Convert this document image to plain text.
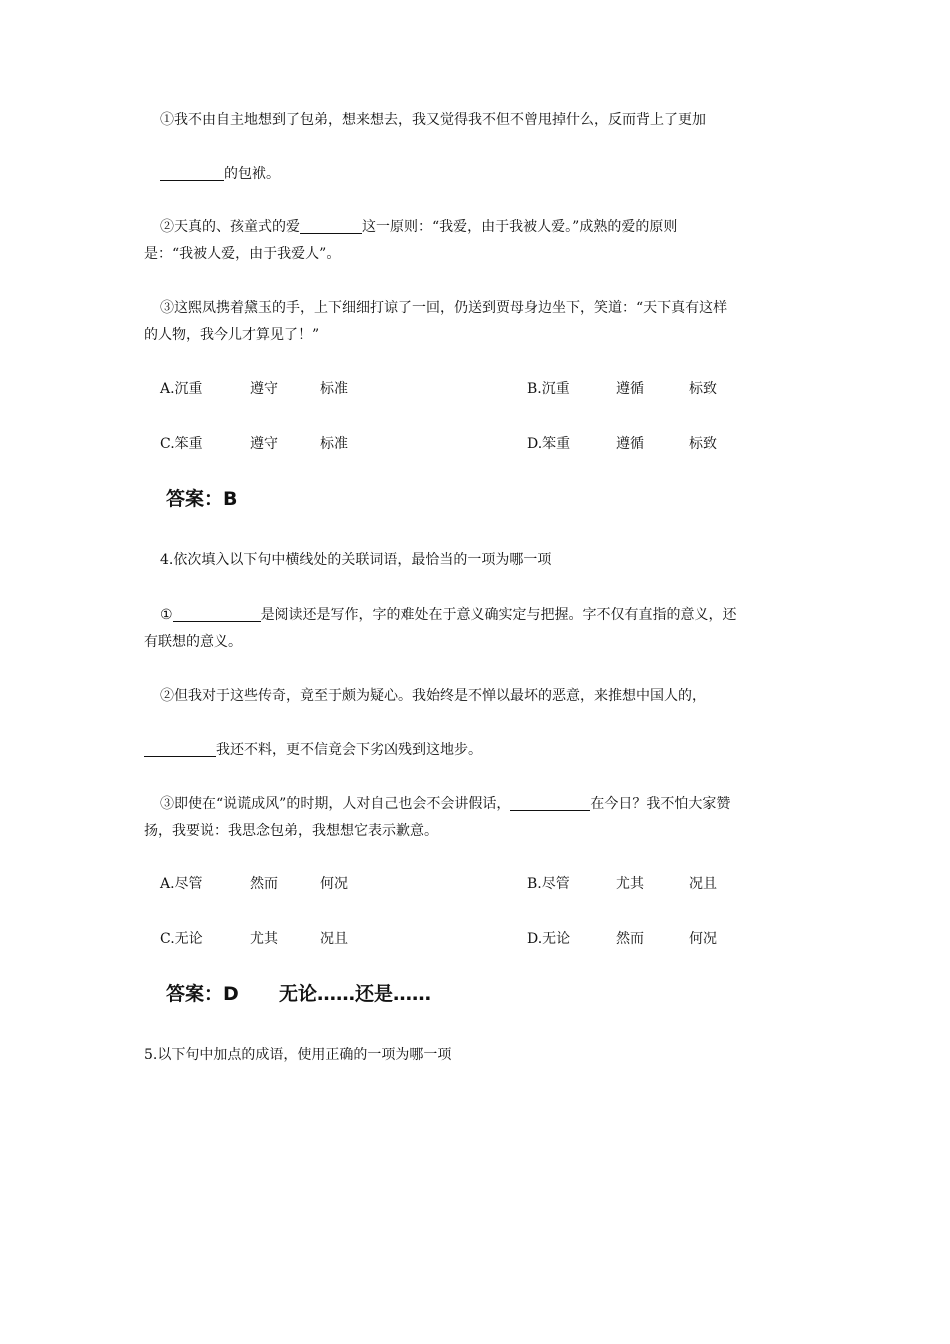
①我不由自主地想到了包弟，想来想去，我又觉得我不但不曾甩掉什么，反而背上了更加
的包袱。
②天真的、孩童式的爱	这一原则：“我爱，由于我被人爱。”成熟的爱的原则
是：“我被人爱，由于我爱人”。
③这熙凤携着黛玉的手，上下细细打谅了一回，仍送到贾母身边坐下，笑道：“天下真有这样
的人物，我今儿才算见了！”
A.沉重	遵守	标准	B.沉重	遵循	标致
C.笨重	遵守	标准	D.笨重	遵循	标致
答案：B
4.依次填入以下句中横线处的关联词语，最恰当的一项为哪一项
①	是阅读还是写作，字的难处在于意义确实定与把握。字不仅有直指的意义，还
有联想的意义。
②但我对于这些传奇，竟至于颇为疑心。我始终是不惮以最坏的恶意，来推想中国人的，
我还不料，更不信竟会下劣凶残到这地步。
③即使在“说谎成风”的时期，人对自己也会不会讲假话，	在今日？我不怕大家赞
扬，我要说：我思念包弟，我想想它表示歉意。
A.尽管	然而	何况	B.尽管	尤其	况且
C.无论	尤其	况且	D.无论	然而	何况
答案：D 无论……还是……
5.以下句中加点的成语，使用正确的一项为哪一项
